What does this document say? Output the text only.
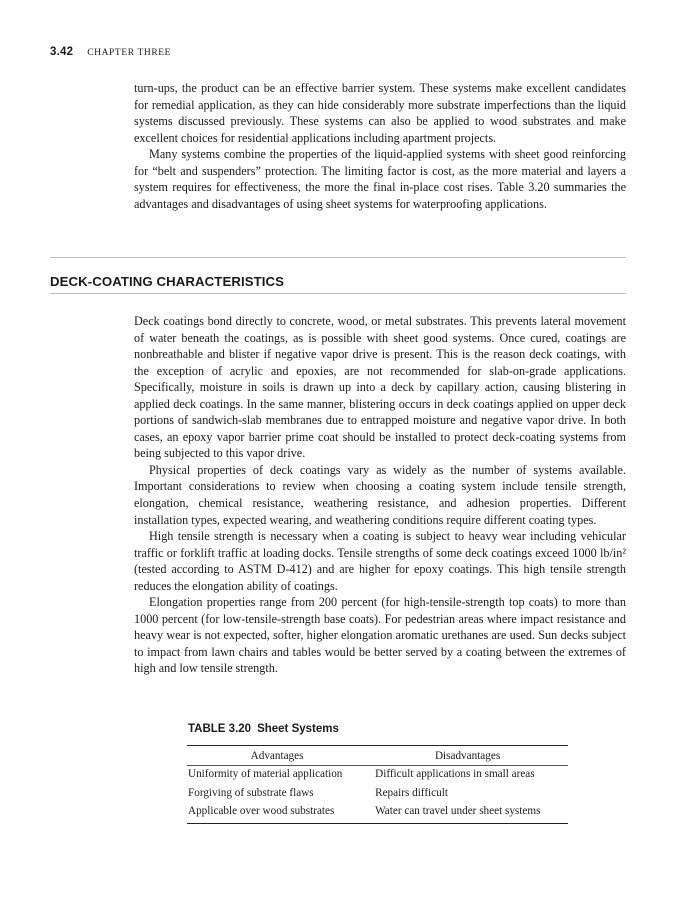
3.42 CHAPTER THREE

turn-ups, the product can be an effective barrier system. These systems make excellent candidates for remedial application, as they can hide considerably more substrate imperfections than the liquid systems discussed previously. These systems can also be applied to wood substrates and make excellent choices for residential applications including apartment projects.

Many systems combine the properties of the liquid-applied systems with sheet good reinforcing for “belt and suspenders” protection. The limiting factor is cost, as the more material and layers a system requires for effectiveness, the more the final in-place cost rises. Table 3.20 summaries the advantages and disadvantages of using sheet systems for waterproofing applications.

DECK-COATING CHARACTERISTICS

Deck coatings bond directly to concrete, wood, or metal substrates. This prevents lateral movement of water beneath the coatings, as is possible with sheet good systems. Once cured, coatings are nonbreathable and blister if negative vapor drive is present. This is the reason deck coatings, with the exception of acrylic and epoxies, are not recommended for slab-on-grade applications. Specifically, moisture in soils is drawn up into a deck by capillary action, causing blistering in applied deck coatings. In the same manner, blistering occurs in deck coatings applied on upper deck portions of sandwich-slab membranes due to entrapped moisture and negative vapor drive. In both cases, an epoxy vapor barrier prime coat should be installed to protect deck-coating systems from being subjected to this vapor drive.

Physical properties of deck coatings vary as widely as the number of systems available. Important considerations to review when choosing a coating system include tensile strength, elongation, chemical resistance, weathering resistance, and adhesion properties. Different installation types, expected wearing, and weathering conditions require different coating types.

High tensile strength is necessary when a coating is subject to heavy wear including vehicular traffic or forklift traffic at loading docks. Tensile strengths of some deck coatings exceed 1000 lb/in² (tested according to ASTM D-412) and are higher for epoxy coatings. This high tensile strength reduces the elongation ability of coatings.

Elongation properties range from 200 percent (for high-tensile-strength top coats) to more than 1000 percent (for low-tensile-strength base coats). For pedestrian areas where impact resistance and heavy wear is not expected, softer, higher elongation aromatic urethanes are used. Sun decks subject to impact from lawn chairs and tables would be better served by a coating between the extremes of high and low tensile strength.

TABLE 3.20 Sheet Systems
Advantages	Disadvantages
Uniformity of material application	Difficult applications in small areas
Forgiving of substrate flaws	Repairs difficult
Applicable over wood substrates	Water can travel under sheet systems
